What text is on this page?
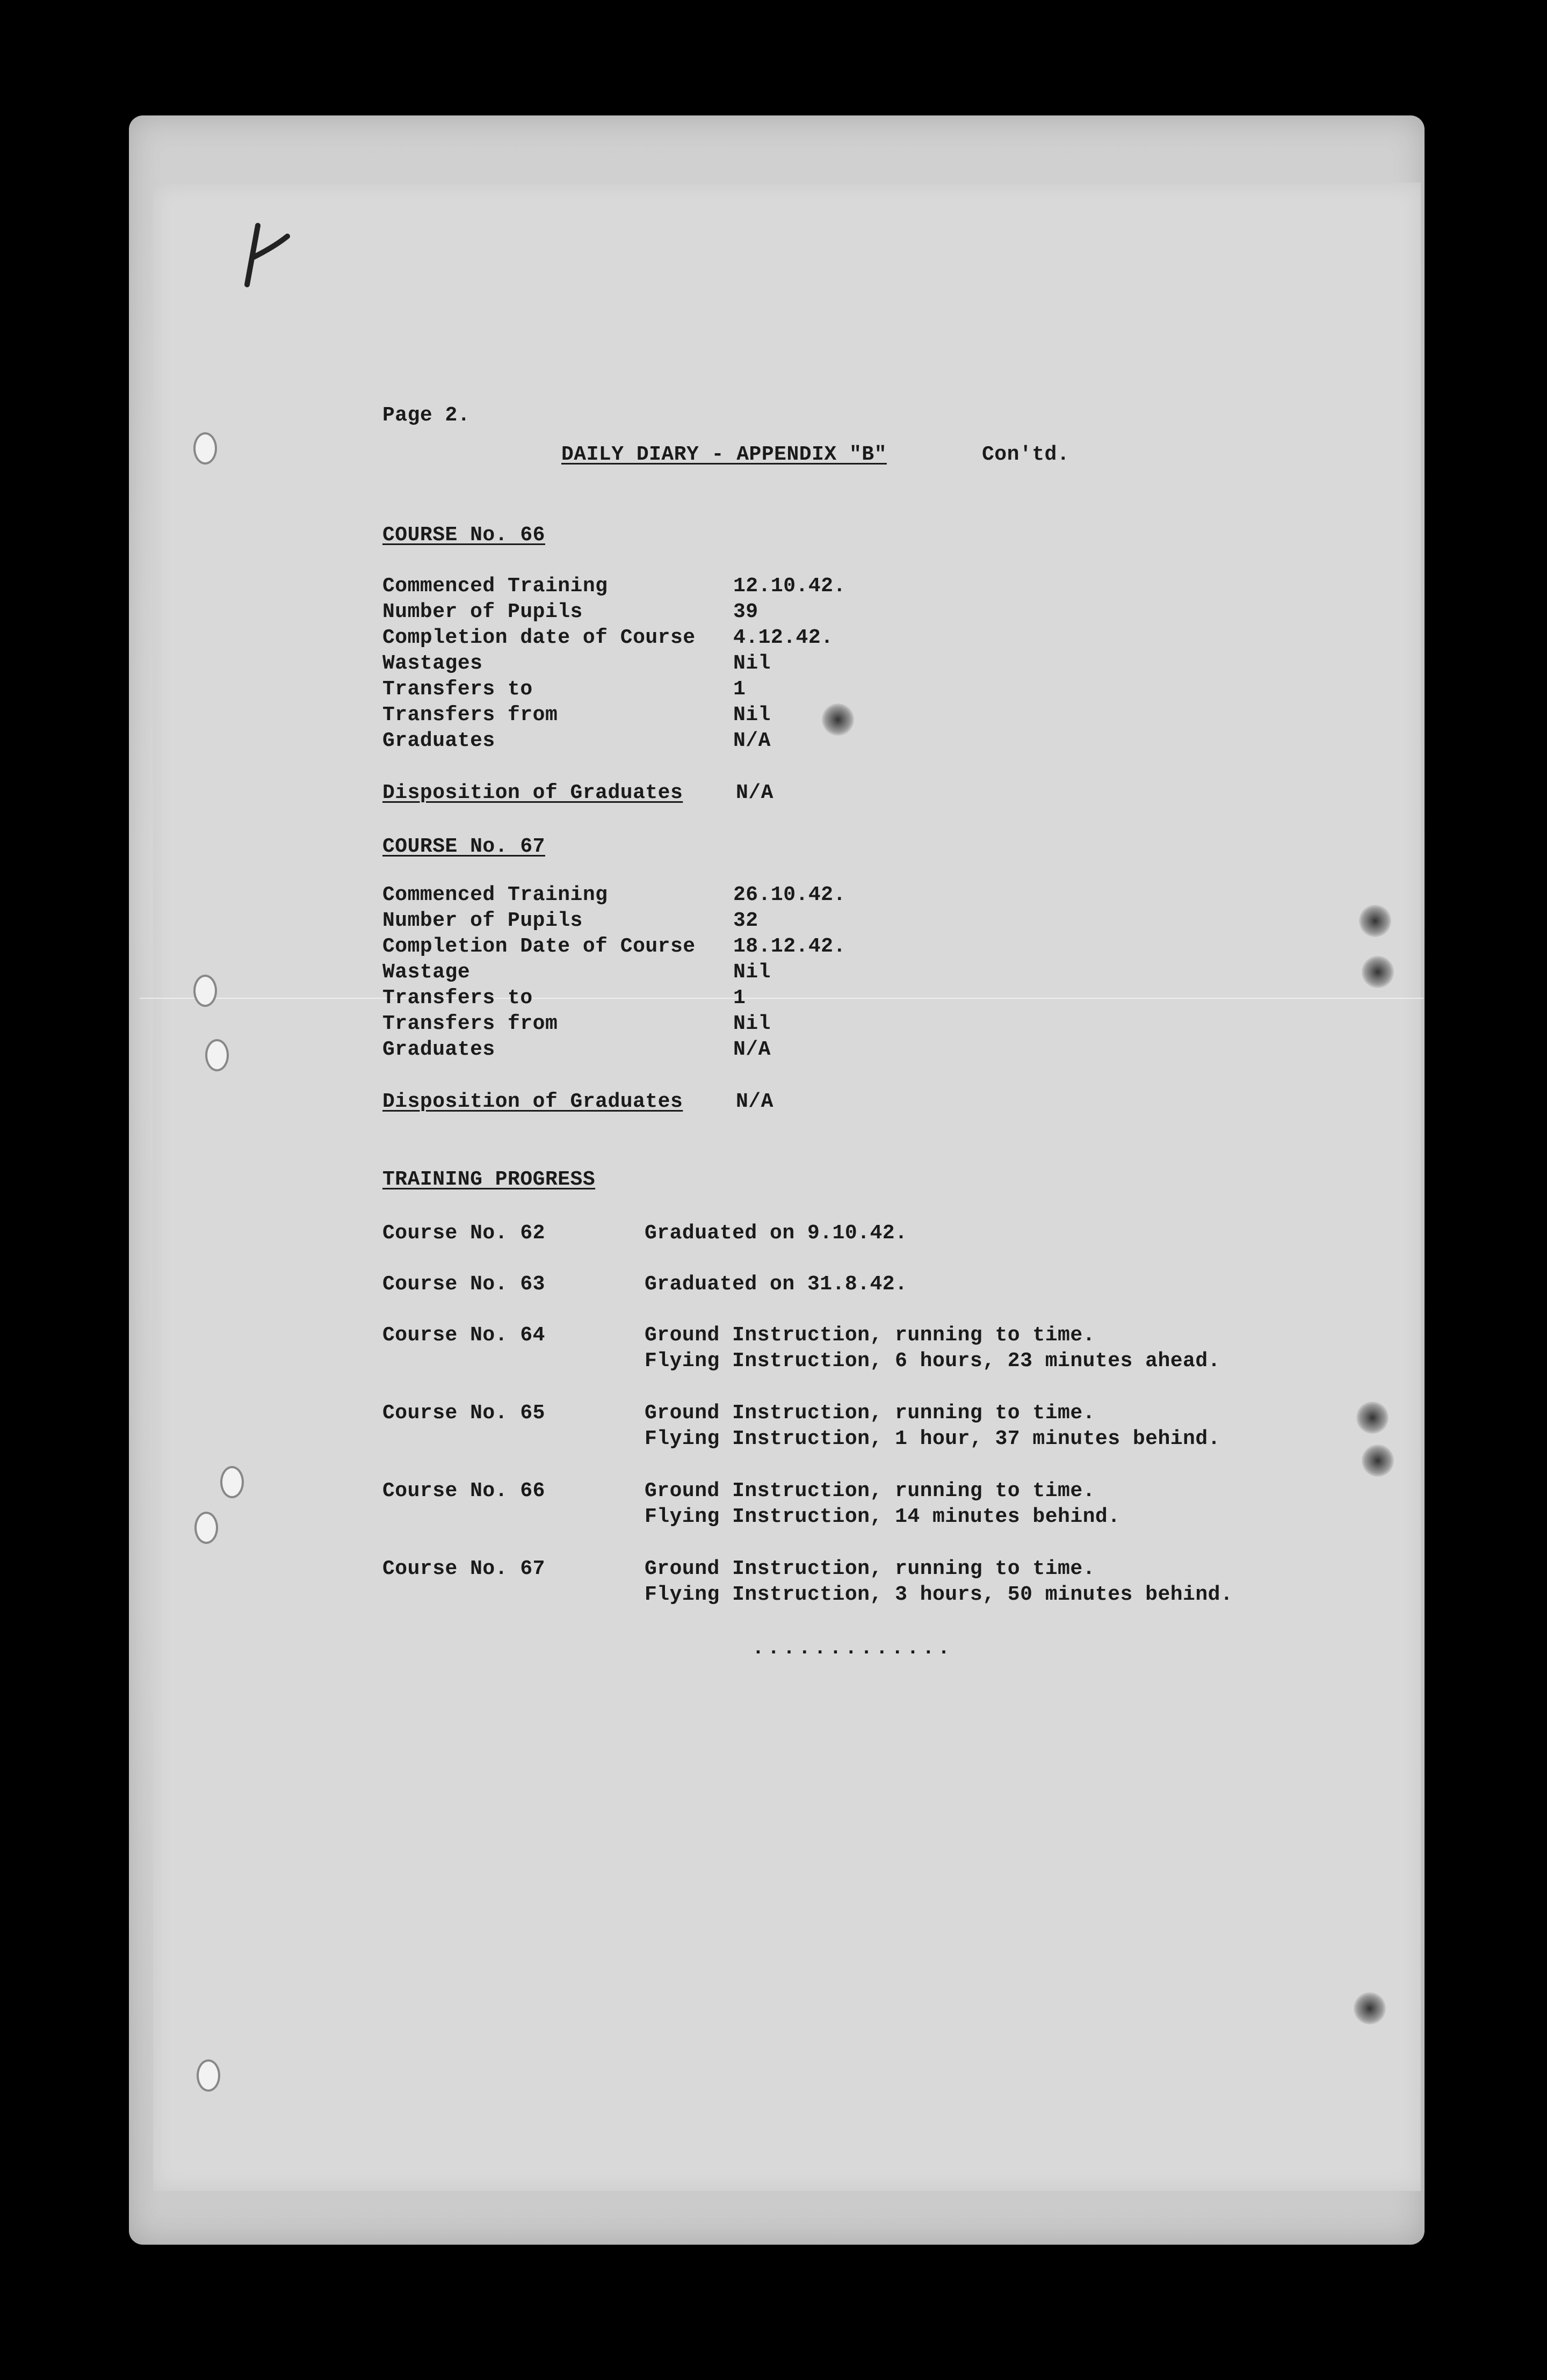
Page 2.
DAILY DIARY - APPENDIX "B"	Con'td.
COURSE No. 66
Commenced Training	12.10.42.
Number of Pupils	39
Completion date of Course 4.12.42.
Wastages	Nil
Transfers to	1
Transfers from	Nil
Graduates	N/A
Disposition of Graduates	N/A
COURSE No. 67
Commenced Training	26.10.42.
Number of Pupils	32
Completion Date of Course 18.12.42.
Wastage	Nil
Transfers to	1
Transfers from	Nil
Graduates	N/A
Disposition of Graduates	N/A
TRAINING PROGRESS
Course No. 62	Graduated on 9.10.42.
Course No. 63	Graduated on 31.8.42.
Course No. 64	Ground Instruction, running to time.
Flying Instruction, 6 hours, 23 minutes ahead.
Course No. 65	Ground Instruction, running to time.
Flying Instruction, 1 hour, 37 minutes behind.
Course No. 66	Ground Instruction, running to time.
Flying Instruction, 14 minutes behind.
Course No. 67	Ground Instruction, running to time.
Flying Instruction, 3 hours, 50 minutes behind.
.............
